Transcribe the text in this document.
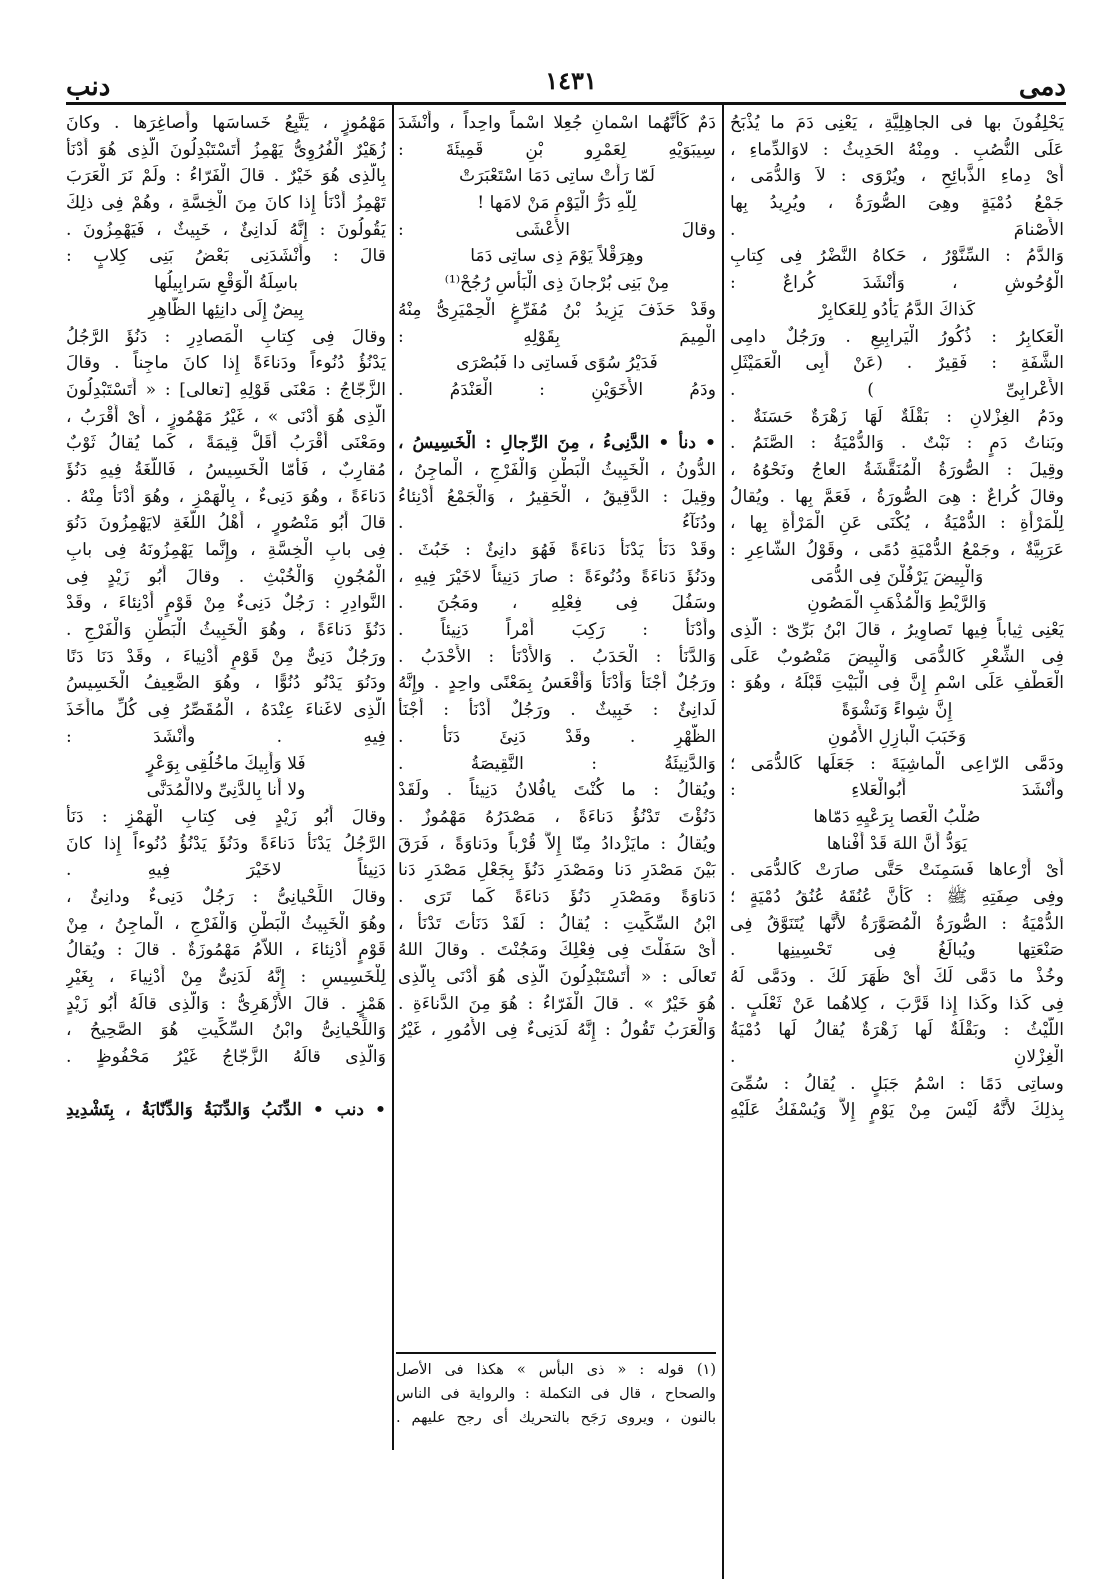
دمى
١٤٣١
دنب
يَحْلِفُونَ بها فى الجاهِلِيَّةِ ، يَعْنِى دَمَ ما يُذْبَحُ
عَلَى النُّصُبِ . ومِنْهُ الحَدِيثُ : لاوَالدِّماءِ ،
أَىْ دِماءِ الذَّبائِحِ ، ويُرْوَى : لاَ وَالدُّمَى ،
جَمْعُ دُمْيَةٍ وهِىَ الصُّورَةُ ، ويُرِيدُ بِها
الأَصْنامَ .
وَالدَّمُ : السِّنَّوْرُ ، حَكاهُ النَّضْرُ فِى كِتابِ
الْوُحُوشِ ، وَأَنْشَدَ كُراعٌ :
كَذاكَ الدَّمُ يَأْدُو لِلعَكابِرْ
الْعَكابِرُ : ذُكُورُ الْيَرابِيعِ . ورَجُلٌ دامِى
الشَّفَةِ : فَقِيرٌ . (عَنْ أَبِى الْعَمَيْثَلِ
الأَعْرابِىِّ ) .
ودَمُ الغِزْلانِ : بَقْلَةٌ لَهَا زَهْرَةٌ حَسَنَةٌ .
وبَناتُ دَمٍ : نَبْتٌ . وَالدُّمْيَةُ : الصَّنَمُ .
وقِيلَ : الصُّورَةُ الْمُنَقَّشَةُ العاجُ ونَحْوُهُ ،
وقالَ كُراعٌ : هِىَ الصُّورَةُ ، فَعَمَّ بِها . ويُقالُ
لِلْمَرْأَةِ : الدُّمْيَةُ ، يُكْنَى عَنِ الْمَرْأَةِ بِها ،
عَرَبِيَّةٌ ، وجَمْعُ الدُّمْيَةِ دُمًى ، وقَوْلُ الشّاعِرِ :
وَالْبِيضَ يَرْفُلْنَ فِى الدُّمَى
وَالرَّيْطِ وَالْمُذْهَبِ الْمَصُونِ
يَعْنِى ثِياباً فِيها تَصاوِيرُ ، قالَ ابْنُ بَرِّىّ : الَّذِى
فِى الشِّعْرِ كَالدُّمَى وَالْبِيضَ مَنْصُوبٌ عَلَى
الْعَطْفِ عَلَى اسْمِ إِنَّ فِى الْبَيْتِ قَبْلَهُ ، وهُوَ :
إِنَّ شِواءً وَنَشْوَةً
وَخَبَبَ الْبازِلِ الأَمُونِ
ودَمَّى الرّاعِى الْماشِيَةَ : جَعَلَها كَالدُّمَى ؛
وأَنْشَدَ أَبُوالْعَلاءِ :
صُلْبُ الْعَصا بِرَعْيِهِ دَمّاها
يَوَدُّ أَنَّ اللهَ قَدْ أَفْناها
أَىْ أَرْعاها فَسَمِنَتْ حَتَّى صارَتْ كَالدُّمَى .
وفِى صِفَتِهِ ﷺ : كَأَنَّ عُنُقَهُ عُنُقُ دُمْيَةٍ ؛
الدُّمْيَةُ : الصُّورَةُ الْمُصَوَّرَةُ لأَنَّها يُتَنَوَّقُ فِى
صَنْعَتِها ويُبالَغُ فِى تَحْسِينِها .
وخُذْ ما دَمَّى لَكَ أَىْ ظَهَرَ لَكَ . ودَمَّى لَهُ
فِى كَذا وكَذا إِذا قَرَّبَ ، كِلاهُما عَنْ ثَعْلَبٍ .
اللَّيْثُ : وبَقْلَةٌ لَها زَهْرَةٌ يُقالُ لَها دُمْيَةُ
الْغِزْلانِ .
وساتِى دَمًا : اسْمُ جَبَلٍ . يُقالُ : سُمِّىَ
بِذلِكَ لأَنَّهُ لَيْسَ مِنْ يَوْمٍ إِلاَّ وَيُسْفَكُ عَلَيْهِ
دَمٌ كَأَنَّهُما اسْمانِ جُعِلا اسْماً واحِداً ، وأَنْشَدَ
سِيبَوَيْهِ لِعَمْرِو بْنِ قَمِيئَةَ :
لَمّا رَأَتْ ساتِى دَمَا اسْتَعْبَرَتْ
لِلّهِ دَرُّ الْيَوْمِ مَنْ لامَها !
وقالَ الأَعْشَى :
وهِرَقْلاً يَوْمَ ذِى ساتِى دَمَا
مِنْ بَنِى بُرْجانَ ذِى الْبَأْسِ رُجُحْ⁽¹⁾
وقَدْ حَذَفَ يَزِيدُ بْنُ مُفَرِّغٍ الْحِمْيَرِىُّ مِنْهُ
الْمِيمَ بِقَوْلِهِ :
فَدَيْرُ سُوًى فَساتِى دا فَبُصْرَى
ودَمُ الأَخَوَيْنِ : الْعَنْدَمُ .
• دنأ • الدَّنِىءُ ، مِنَ الرِّجالِ : الْخَسِيسُ ،
الدُّونُ ، الْخَبِيثُ الْبَطْنِ وَالْفَرْجِ ، الْماجِنُ ،
وقِيلَ : الدَّقِيقُ ، الْحَقِيرُ ، وَالْجَمْعُ أَدْنِئاءُ
ودُنَآءُ .
وقَدْ دَنَأَ يَدْنَأُ دَناءَةً فَهُوَ دانِئٌ : خَبُثَ .
ودَنُؤَ دَناءَةً ودُنُوءَةً : صارَ دَنِيئاً لاخَيْرَ فِيهِ ،
وسَفُلَ فِى فِعْلِهِ ، ومَجُنَ .
وأَدْنَأَ : رَكِبَ أَمْراً دَنِيئاً .
وَالدَّنَأُ : الْحَدَبُ . وَالأَدْنَأُ : الأَحْدَبُ .
ورَجُلٌ أَجْنَأُ وَأَدْنَأُ وَأَقْعَسُ بِمَعْنًى واحِدٍ . وإِنَّهُ
لَدانِئٌ : خَبِيثٌ . ورَجُلٌ أَدْنَأُ : أَجْنَأُ
الظَّهْرِ . وقَدْ دَنِئَ دَنَأً .
وَالدَّنِيئَةُ : النَّقِيصَةُ .
ويُقالُ : ما كُنْتَ يافُلانُ دَنِيئاً . ولَقَدْ
دَنُؤْتَ تَدْنُؤُ دَناءَةً ، مَصْدَرُهُ مَهْمُوزٌ .
ويُقالُ : مايَزْدادُ مِنّا إِلاَّ قُرْباً ودَناوَةً ، فَرَقَ
بَيْنَ مَصْدَرِ دَنا ومَصْدَرِ دَنُؤَ بِجَعْلِ مَصْدَرِ دَنا
دَناوَةً ومَصْدَرِ دَنُؤَ دَناءَةً كَما تَرَى .
ابْنُ السِّكِّيتِ : يُقالُ : لَقَدْ دَنَأْتَ تَدْنَأُ ،
أَىْ سَفَلْتَ فِى فِعْلِكَ ومَجُنْتَ . وقالَ اللهُ
تَعالَى : « أَتَسْتَبْدِلُونَ الَّذِى هُوَ أَدْنَى بِالَّذِى
هُوَ خَيْرٌ » . قالَ الْفَرّاءُ : هُوَ مِنَ الدَّناءَةِ .
وَالْعَرَبُ تَقُولُ : إِنَّهُ لَدَنِىءٌ فِى الأُمُورِ ، غَيْرُ
مَهْمُوزٍ ، يَتَّبِعُ خَساسَها وأَصاغِرَها . وكانَ
زُهَيْرٌ الْفُرُوِىُّ يَهْمِزُ أَتَسْتَبْدِلُونَ الَّذِى هُوَ أَدْنَأُ
بِالَّذِى هُوَ خَيْرٌ . قالَ الْفَرّاءُ : ولَمْ نَرَ الْعَرَبَ
تَهْمِزُ أَدْنَأُ إِذا كانَ مِنَ الْخِسَّةِ ، وهُمْ فِى ذلِكَ
يَقُولُونَ : إِنَّهُ لَدانِئٌ ، خَبِيثٌ ، فَيَهْمِزُونَ .
قالَ : وأَنْشَدَنِى بَعْضُ بَنِى كِلابٍ :
باسِلَةُ الْوَقْعِ سَرابِيلُها
بِيضٌ إِلَى دانِئِها الظّاهِرِ
وقالَ فِى كِتابِ الْمَصادِرِ : دَنُؤَ الرَّجُلُ
يَدْنُؤُ دُنُوءاً ودَناءَةً إِذا كانَ ماجِناً . وقالَ
الزَّجّاجُ : مَعْنَى قَوْلِهِ [تعالى] : « أَتَسْتَبْدِلُونَ
الَّذِى هُوَ أَدْنَى » ، غَيْرُ مَهْمُوزٍ ، أَىْ أَقْرَبُ ،
ومَعْنَى أَقْرَبُ أَقَلُّ قِيمَةً ، كَما يُقالُ ثَوْبٌ
مُقارِبٌ ، فَأَمّا الْخَسِيسُ ، فَاللُّغَةُ فِيهِ دَنُؤَ
دَناءَةً ، وهُوَ دَنِىءٌ ، بِالْهَمْزِ ، وهُوَ أَدْنَأُ مِنْهُ .
قالَ أَبُو مَنْصُورٍ ، أَهْلُ اللُّغَةِ لايَهْمِزُونَ دَنُوَ
فِى بابِ الْخِسَّةِ ، وإِنَّما يَهْمِزُونَهُ فِى بابِ
الْمُجُونِ وَالْخُبْثِ . وقالَ أَبُو زَيْدٍ فِى
النَّوادِرِ : رَجُلٌ دَنِىءٌ مِنْ قَوْمٍ أَدْنِئاءَ ، وقَدْ
دَنُؤَ دَناءَةً ، وهُوَ الْخَبِيثُ الْبَطْنِ وَالْفَرْجِ .
ورَجُلٌ دَنِىٌّ مِنْ قَوْمٍ أَدْنِياءَ ، وقَدْ دَنَا دَنًا
ودَنُوَ يَدْنُو دُنُوًّا ، وهُوَ الضَّعِيفُ الْخَسِيسُ
الَّذِى لاغَناءَ عِنْدَهُ ، الْمُقَصِّرُ فِى كُلِّ ماأَخَذَ
فِيهِ . وأَنْشَدَ :
فَلا وَأَبِيكَ ماخُلُقِى بِوَعْرٍ
ولا أَنا بِالدَّنِىِّ ولاالْمُدَنَّى
وقالَ أَبُو زَيْدٍ فِى كِتابِ الْهَمْزِ : دَنَأَ
الرَّجُلُ يَدْنَأُ دَناءَةً ودَنُؤَ يَدْنُؤُ دُنُوءاً إِذا كانَ
دَنِيئاً لاخَيْرَ فِيهِ .
وقالَ اللِّحْيانِىُّ : رَجُلٌ دَنِىءٌ ودانِئٌ ،
وهُوَ الْخَبِيثُ الْبَطْنِ وَالْفَرْجِ ، الْماجِنُ ، مِنْ
قَوْمٍ أَدْنِئاءَ ، اللاّمُ مَهْمُوزَةٌ . قالَ : ويُقالُ
لِلْخَسِيسِ : إِنَّهُ لَدَنِىٌّ مِنْ أَدْنِياءَ ، بِغَيْرِ
هَمْزٍ . قالَ الأَزْهَرِىُّ : وَالَّذِى قالَهُ أَبُو زَيْدٍ
وَاللِّحْيانِىُّ وابْنُ السِّكِّيتِ هُوَ الصَّحِيحُ ،
وَالَّذِى قالَهُ الزَّجّاجُ غَيْرُ مَحْفُوظٍ .
• دنب • الدِّنَبُ وَالدِّنَبَةُ وَالدِّنّابَةُ ، بِتَشْدِيدِ
(١) قوله : « ذى البأس » هكذا فى الأصل
والصحاح ، قال فى التكملة : والرواية فى الناس
بالنون ، ويروى رَجَح بالتحريك أى رجح عليهم .
